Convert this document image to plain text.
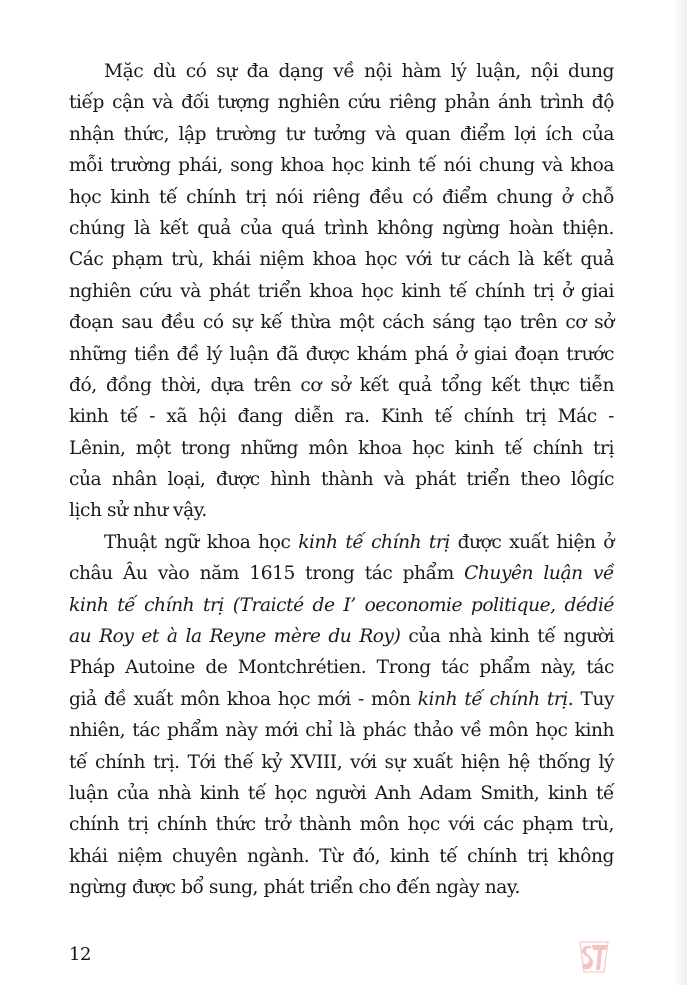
Mặc dù có sự đa dạng về nội hàm lý luận, nội dung
tiếp cận và đối tượng nghiên cứu riêng phản ánh trình độ
nhận thức, lập trường tư tưởng và quan điểm lợi ích của
mỗi trường phái, song khoa học kinh tế nói chung và khoa
học kinh tế chính trị nói riêng đều có điểm chung ở chỗ
chúng là kết quả của quá trình không ngừng hoàn thiện.
Các phạm trù, khái niệm khoa học với tư cách là kết quả
nghiên cứu và phát triển khoa học kinh tế chính trị ở giai
đoạn sau đều có sự kế thừa một cách sáng tạo trên cơ sở
những tiền đề lý luận đã được khám phá ở giai đoạn trước
đó, đồng thời, dựa trên cơ sở kết quả tổng kết thực tiễn
kinh tế - xã hội đang diễn ra. Kinh tế chính trị Mác -
Lênin, một trong những môn khoa học kinh tế chính trị
của nhân loại, được hình thành và phát triển theo lôgíc
lịch sử như vậy.
Thuật ngữ khoa học kinh tế chính trị được xuất hiện ở
châu Âu vào năm 1615 trong tác phẩm Chuyên luận về
kinh tế chính trị (Traicté de I’ oeconomie politique, dédié
au Roy et à la Reyne mère du Roy) của nhà kinh tế người
Pháp Autoine de Montchrétien. Trong tác phẩm này, tác
giả đề xuất môn khoa học mới - môn kinh tế chính trị. Tuy
nhiên, tác phẩm này mới chỉ là phác thảo về môn học kinh
tế chính trị. Tới thế kỷ XVIII, với sự xuất hiện hệ thống lý
luận của nhà kinh tế học người Anh Adam Smith, kinh tế
chính trị chính thức trở thành môn học với các phạm trù,
khái niệm chuyên ngành. Từ đó, kinh tế chính trị không
ngừng được bổ sung, phát triển cho đến ngày nay.
12
